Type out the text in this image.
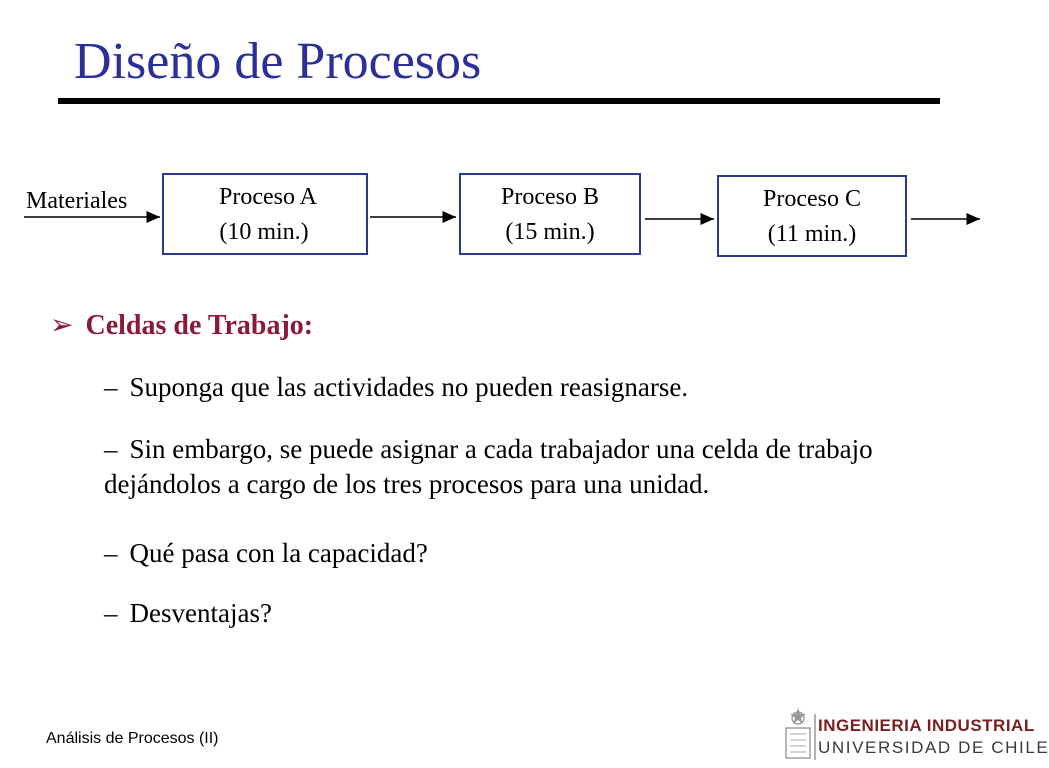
Diseño de Procesos
Materiales	Proceso A
(10 min.)
Proceso B
(15 min.)
Proceso C
(11 min.)
➢ Celdas de Trabajo:
– Suponga que las actividades no pueden reasignarse.
– Sin embargo, se puede asignar a cada trabajador una celda de trabajo dejándolos a cargo de los tres procesos para una unidad.
– Qué pasa con la capacidad?
– Desventajas?
Análisis de Procesos (II)
INGENIERIA INDUSTRIAL
UNIVERSIDAD DE CHILE
